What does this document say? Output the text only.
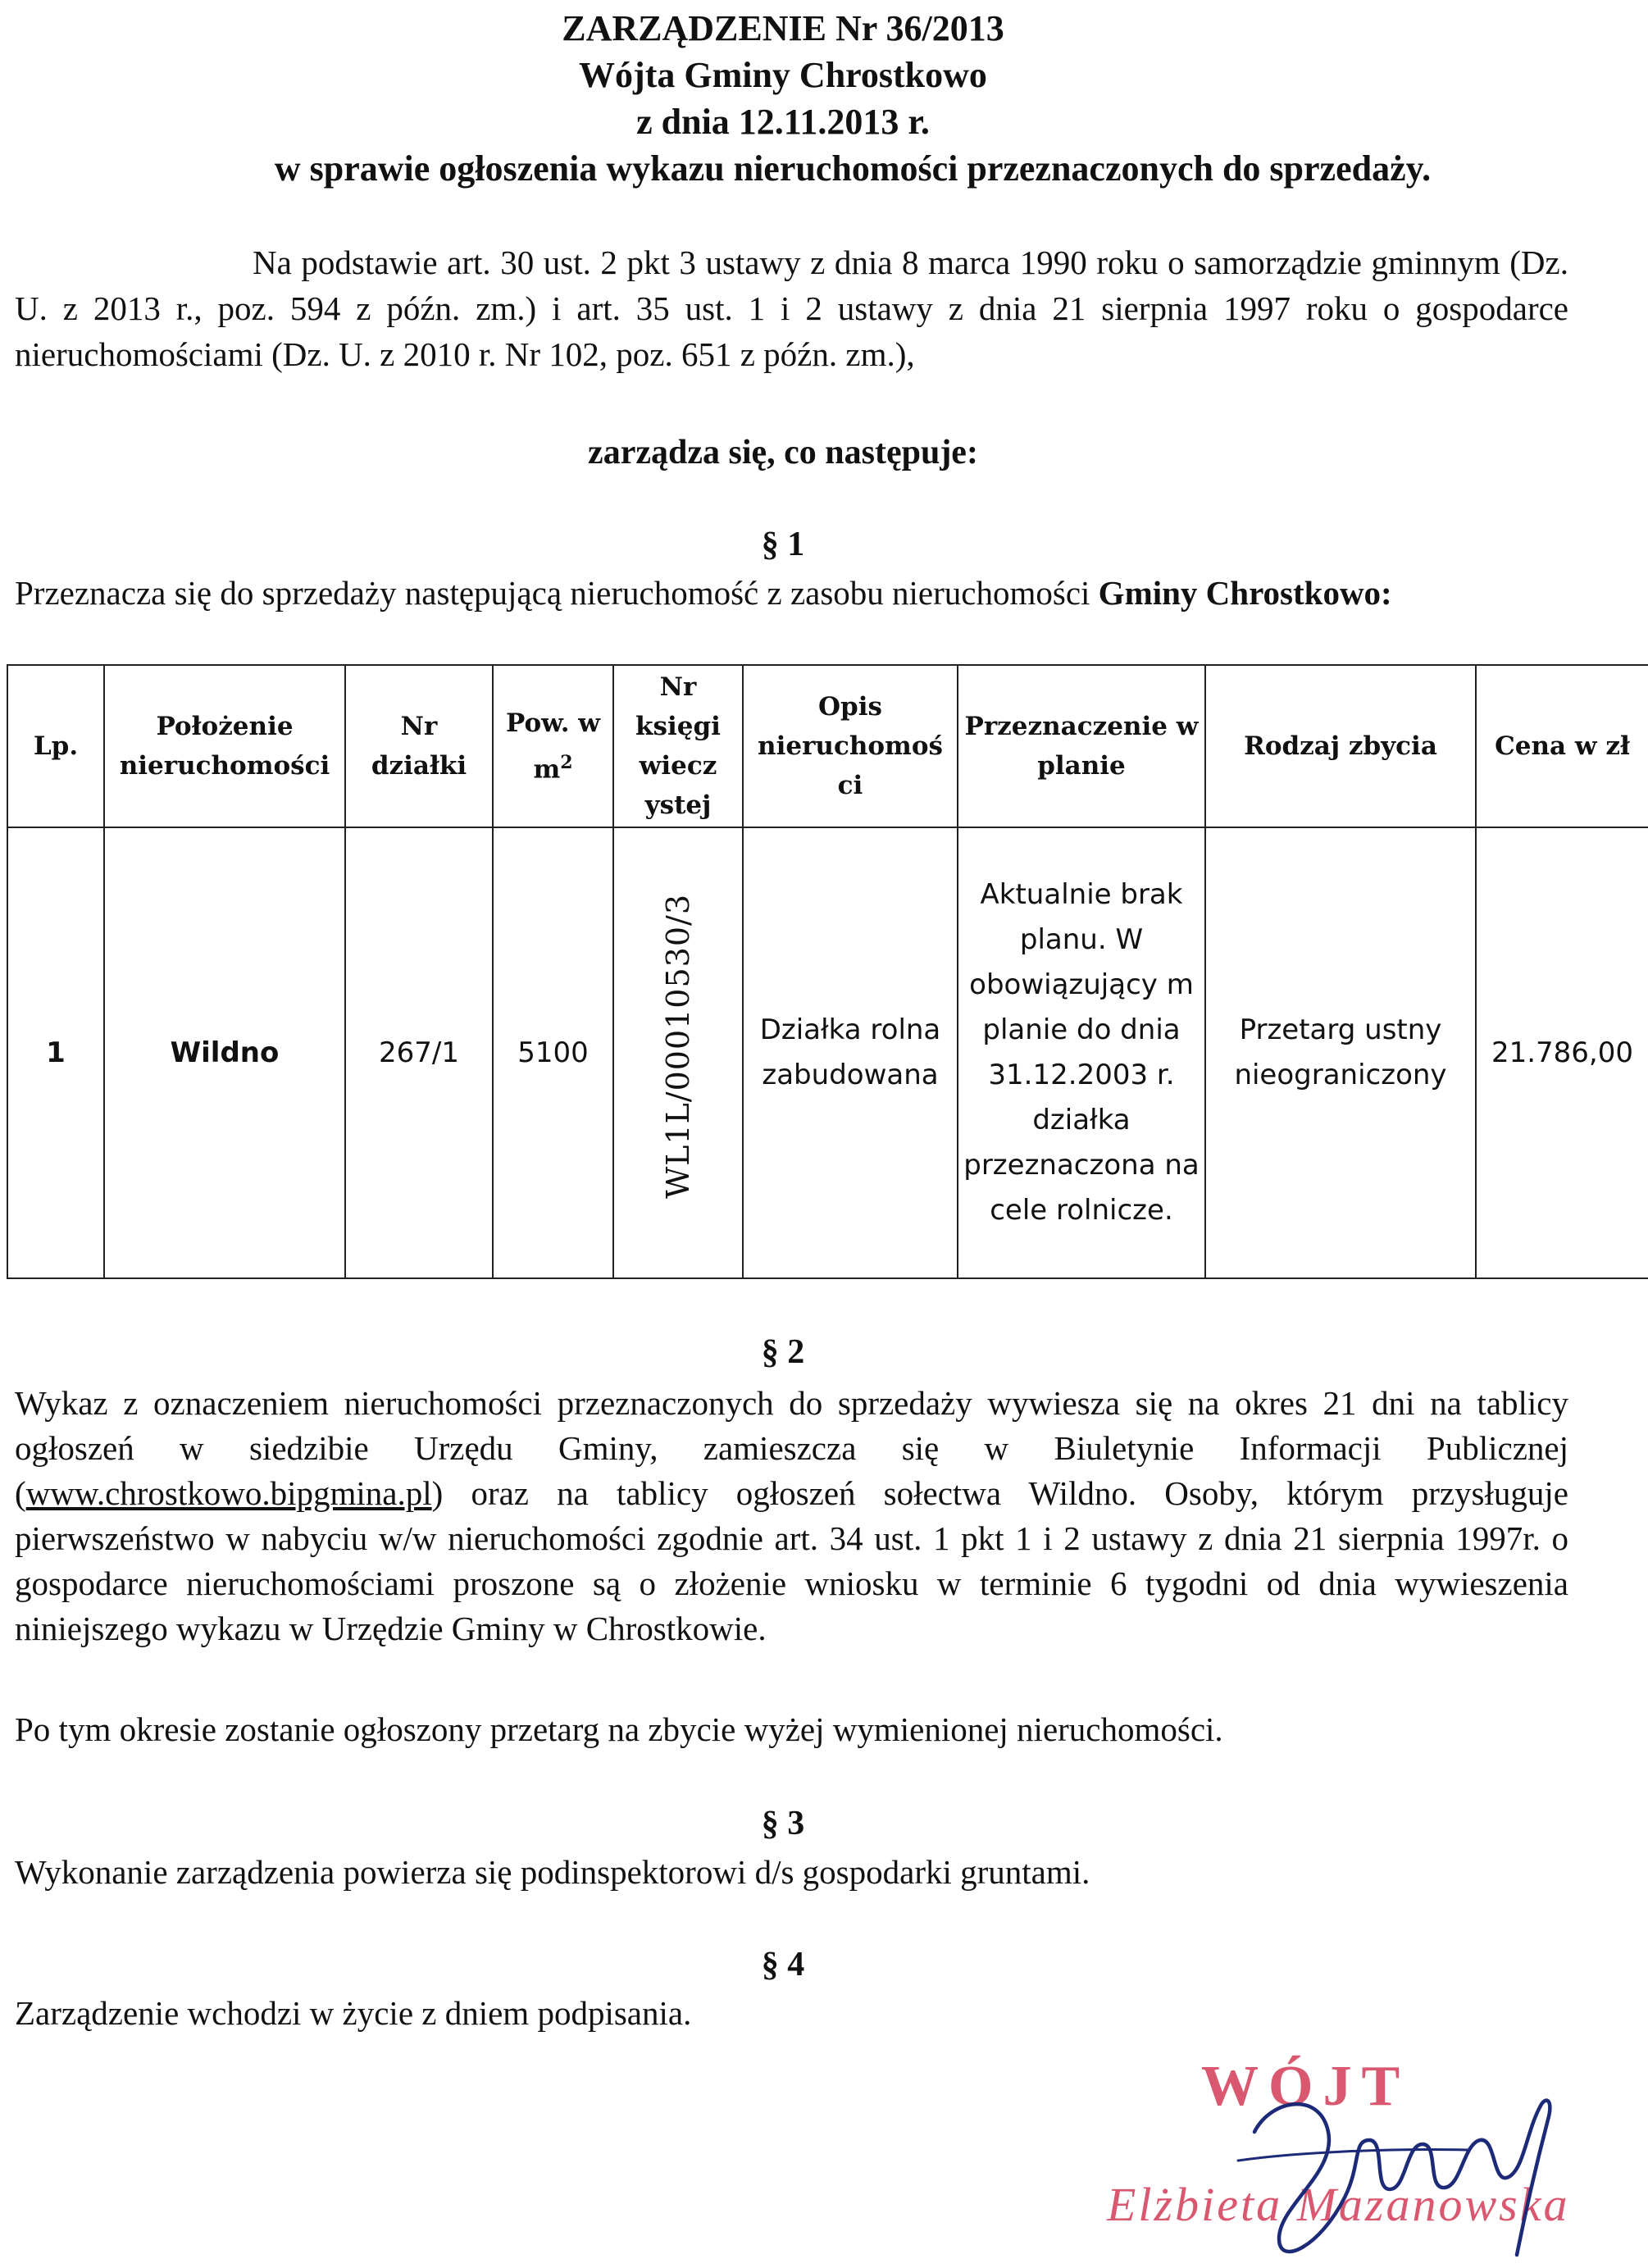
ZARZĄDZENIE Nr 36/2013
Wójta Gminy Chrostkowo
z dnia 12.11.2013 r.
w sprawie ogłoszenia wykazu nieruchomości przeznaczonych do sprzedaży.
Na podstawie art. 30 ust. 2 pkt 3 ustawy z dnia 8 marca 1990 roku o samorządzie gminnym (Dz. U. z 2013 r., poz. 594 z późn. zm.) i art. 35 ust. 1 i 2 ustawy z dnia 21 sierpnia 1997 roku o gospodarce nieruchomościami (Dz. U. z 2010 r. Nr 102, poz. 651 z późn. zm.),
zarządza się, co następuje:
§ 1
Przeznacza się do sprzedaży następującą nieruchomość z zasobu nieruchomości Gminy Chrostkowo:
Lp.	Położenie nieruchomości	Nr działki	Pow. w $m^2$	Nr księgi wiecz ystej	Opis nieruchomoś ci	Przeznaczenie w planie	Rodzaj zbycia	Cena w zł
1	Wildno	267/1	5100	WL1L/00010530/3	Działka rolna zabudowana	Aktualnie brak planu. W obowiązujący m planie do dnia 31.12.2003 r. działka przeznaczona na cele rolnicze.	Przetarg ustny nieograniczony	21.786,00
§ 2
Wykaz z oznaczeniem nieruchomości przeznaczonych do sprzedaży wywiesza się na okres 21 dni na tablicy ogłoszeń w siedzibie Urzędu Gminy, zamieszcza się w Biuletynie Informacji Publicznej (www.chrostkowo.bipgmina.pl) oraz na tablicy ogłoszeń sołectwa Wildno. Osoby, którym przysługuje pierwszeństwo w nabyciu w/w nieruchomości zgodnie art. 34 ust. 1 pkt 1 i 2 ustawy z dnia 21 sierpnia 1997r. o gospodarce nieruchomościami proszone są o złożenie wniosku w terminie 6 tygodni od dnia wywieszenia niniejszego wykazu w Urzędzie Gminy w Chrostkowie.
Po tym okresie zostanie ogłoszony przetarg na zbycie wyżej wymienionej nieruchomości.
§ 3
Wykonanie zarządzenia powierza się podinspektorowi d/s gospodarki gruntami.
§ 4
Zarządzenie wchodzi w życie z dniem podpisania.
WÓJT
Elżbieta Mazanowska
